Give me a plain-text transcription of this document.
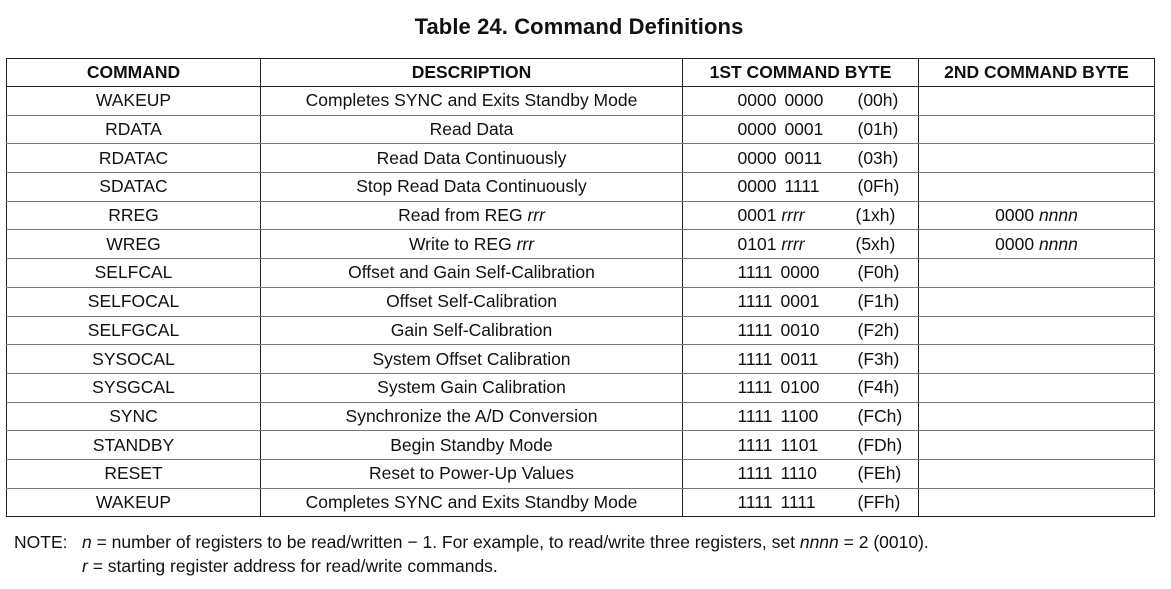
Table 24. Command Definitions
COMMAND	DESCRIPTION	1ST COMMAND BYTE	2ND COMMAND BYTE
WAKEUP	Completes SYNC and Exits Standby Mode	0000 0000 (00h)	
RDATA	Read Data	0000 0001 (01h)	
RDATAC	Read Data Continuously	0000 0011 (03h)	
SDATAC	Stop Read Data Continuously	0000 1111 (0Fh)	
RREG	Read from REG rrr	0001 rrrr (1xh)	0000 nnnn
WREG	Write to REG rrr	0101 rrrr (5xh)	0000 nnnn
SELFCAL	Offset and Gain Self-Calibration	1111 0000 (F0h)	
SELFOCAL	Offset Self-Calibration	1111 0001 (F1h)	
SELFGCAL	Gain Self-Calibration	1111 0010 (F2h)	
SYSOCAL	System Offset Calibration	1111 0011 (F3h)	
SYSGCAL	System Gain Calibration	1111 0100 (F4h)	
SYNC	Synchronize the A/D Conversion	1111 1100 (FCh)	
STANDBY	Begin Standby Mode	1111 1101 (FDh)	
RESET	Reset to Power-Up Values	1111 1110 (FEh)	
WAKEUP	Completes SYNC and Exits Standby Mode	1111 1111 (FFh)	
NOTE: n = number of registers to be read/written − 1. For example, to read/write three registers, set nnnn = 2 (0010).
r = starting register address for read/write commands.
